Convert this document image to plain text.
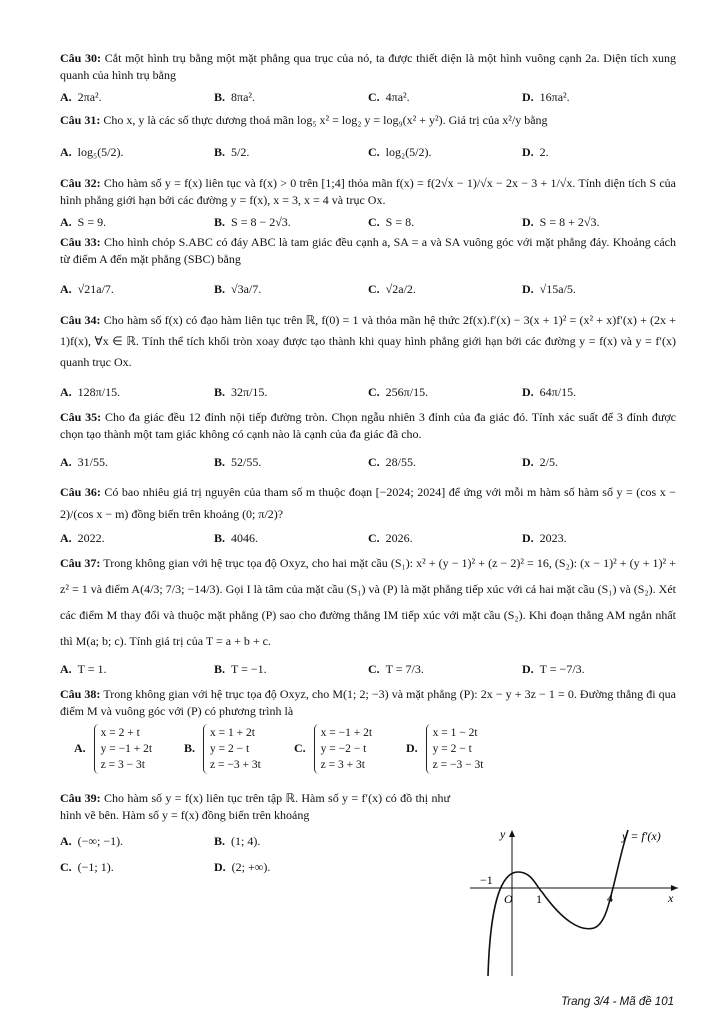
Câu 30: Cắt một hình trụ bằng một mặt phẳng qua trục của nó, ta được thiết diện là một hình vuông cạnh 2a. Diện tích xung quanh của hình trụ bằng
A. 2πa².	B. 8πa².	C. 4πa².	D. 16πa².
Câu 31: Cho x, y là các số thực dương thoả mãn log₅ x² = log₂ y = log₉(x² + y²). Giá trị của x²/y bằng
A. log₅(5/2).	B. 5/2.	C. log₂(5/2).	D. 2.
Câu 32: Cho hàm số y = f(x) liên tục và f(x) > 0 trên [1;4] thỏa mãn f(x) = f(2√x − 1)/√x − 2x − 3 + 1/√x. Tính diện tích S của hình phẳng giới hạn bởi các đường y = f(x), x = 3, x = 4 và trục Ox.
A. S = 9.	B. S = 8 − 2√3.	C. S = 8.	D. S = 8 + 2√3.
Câu 33: Cho hình chóp S.ABC có đáy ABC là tam giác đều cạnh a, SA = a và SA vuông góc với mặt phẳng đáy. Khoảng cách từ điểm A đến mặt phẳng (SBC) bằng
A. √21a/7.	B. √3a/7.	C. √2a/2.	D. √15a/5.
Câu 34: Cho hàm số f(x) có đạo hàm liên tục trên ℝ, f(0) = 1 và thỏa mãn hệ thức 2f(x).f′(x) − 3(x + 1)² = (x² + x)f′(x) + (2x + 1)f(x), ∀x ∈ ℝ. Tính thể tích khối tròn xoay được tạo thành khi quay hình phẳng giới hạn bởi các đường y = f(x) và y = f′(x) quanh trục Ox.
A. 128π/15.	B. 32π/15.	C. 256π/15.	D. 64π/15.
Câu 35: Cho đa giác đều 12 đỉnh nội tiếp đường tròn. Chọn ngẫu nhiên 3 đỉnh của đa giác đó. Tính xác suất để 3 đỉnh được chọn tạo thành một tam giác không có cạnh nào là cạnh của đa giác đã cho.
A. 31/55.	B. 52/55.	C. 28/55.	D. 2/5.
Câu 36: Có bao nhiêu giá trị nguyên của tham số m thuộc đoạn [−2024; 2024] để ứng với mỗi m hàm số hàm số y = (cos x − 2)/(cos x − m) đồng biến trên khoảng (0; π/2)?
A. 2022.	B. 4046.	C. 2026.	D. 2023.
Câu 37: Trong không gian với hệ trục tọa độ Oxyz, cho hai mặt cầu (S₁): x² + (y − 1)² + (z − 2)² = 16, (S₂): (x − 1)² + (y + 1)² + z² = 1 và điểm A(4/3; 7/3; −14/3). Gọi I là tâm của mặt cầu (S₁) và (P) là mặt phẳng tiếp xúc với cả hai mặt cầu (S₁) và (S₂). Xét các điểm M thay đổi và thuộc mặt phẳng (P) sao cho đường thẳng IM tiếp xúc với mặt cầu (S₂). Khi đoạn thẳng AM ngắn nhất thì M(a; b; c). Tính giá trị của T = a + b + c.
A. T = 1.	B. T = −1.	C. T = 7/3.	D. T = −7/3.
Câu 38: Trong không gian với hệ trục tọa độ Oxyz, cho M(1; 2; −3) và mặt phẳng (P): 2x − y + 3z − 1 = 0. Đường thẳng đi qua điểm M và vuông góc với (P) có phương trình là
A.x = 2 + t
y = −1 + 2t
z = 3 − 3t
B.x = 1 + 2t
y = 2 − t
z = −3 + 3t
C.x = −1 + 2t
y = −2 − t
z = 3 + 3t
D.x = 1 − 2t
y = 2 − t
z = −3 − 3t
Câu 39: Cho hàm số y = f(x) liên tục trên tập ℝ. Hàm số y = f′(x) có đồ thị như hình vẽ bên. Hàm số y = f(x) đồng biến trên khoảng
A. (−∞; −1).	B. (1; 4).
C. (−1; 1).	D. (2; +∞).
y = f′(x)
y
x
O
−1
1	4
Trang 3/4 - Mã đề 101
